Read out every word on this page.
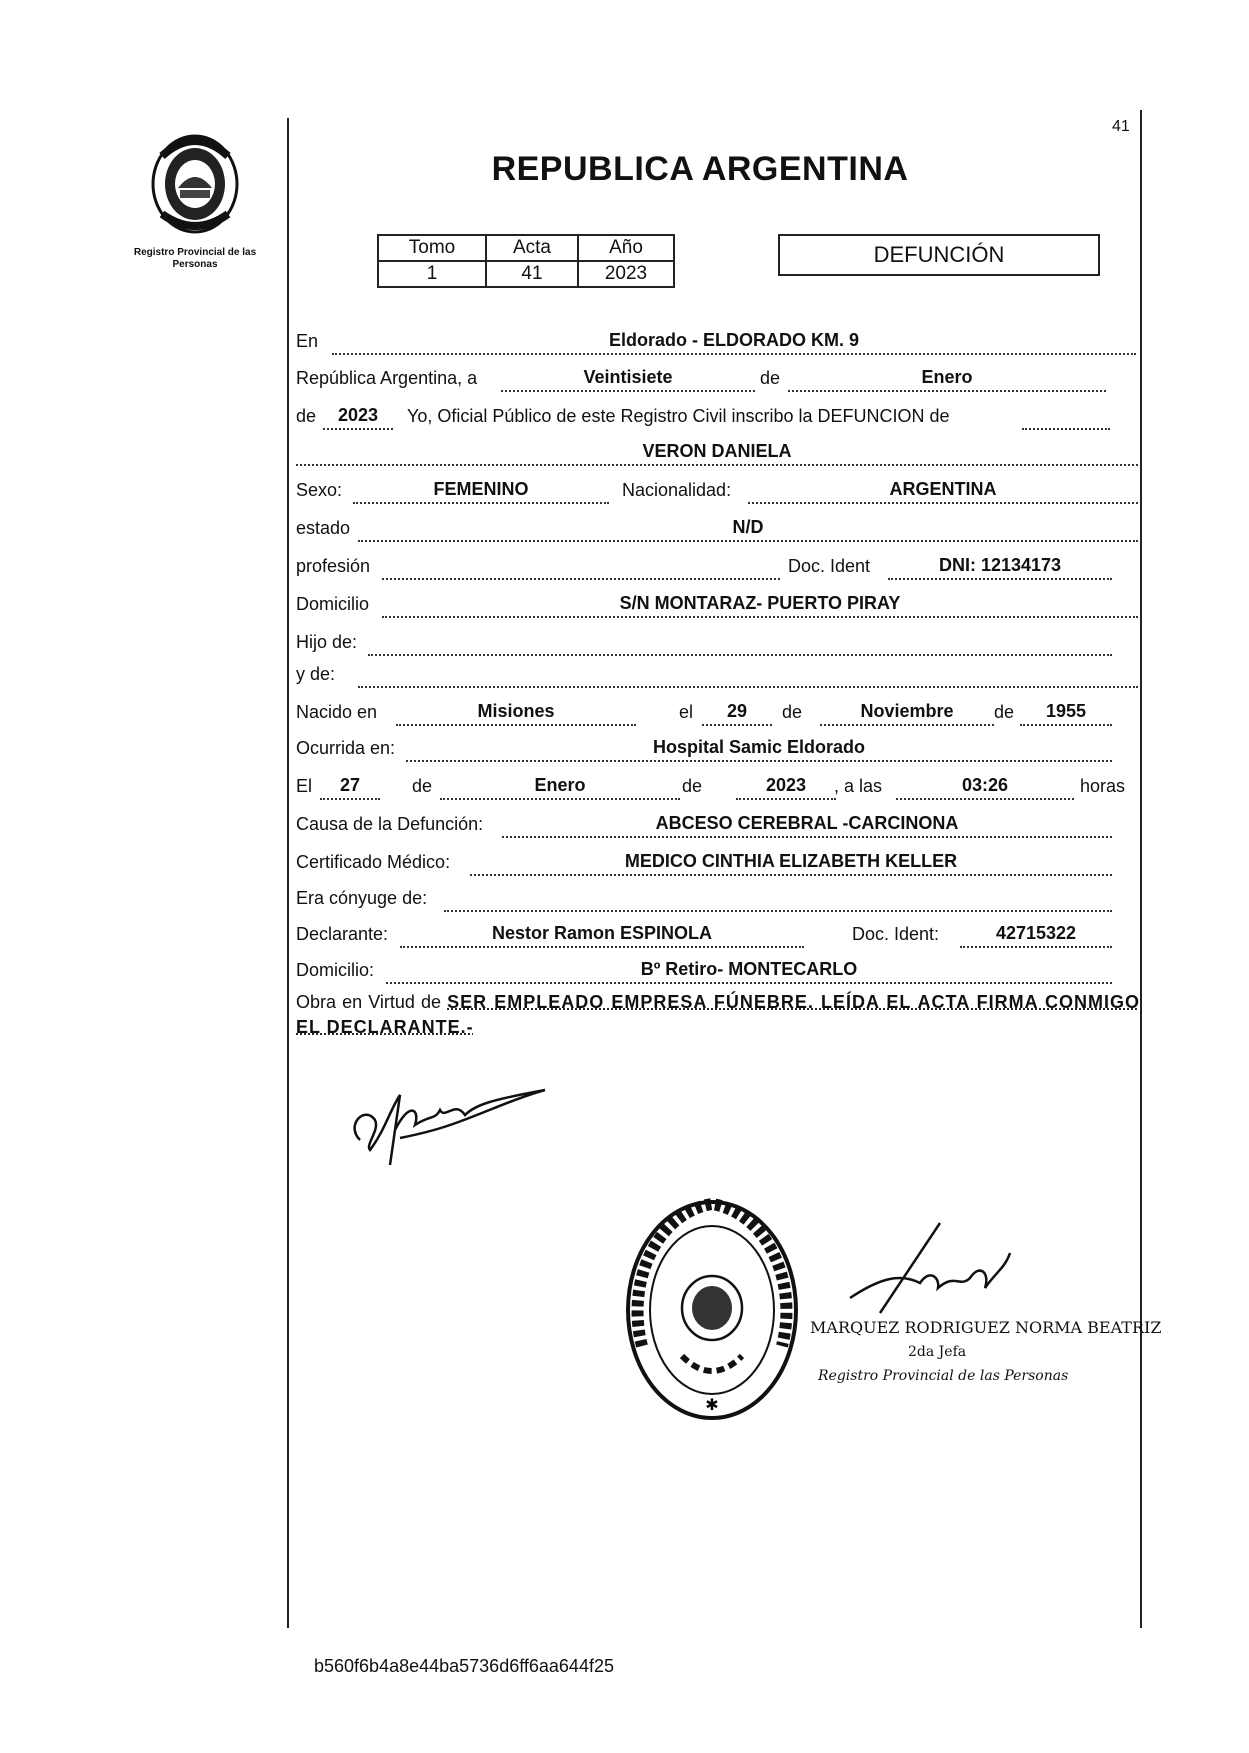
Registro Provincial de las Personas
41
REPUBLICA ARGENTINA
Tomo	Acta	Año
1	41	2023
DEFUNCIÓN
En	Eldorado - ELDORADO KM. 9
República Argentina, a	Veintisiete	de	Enero
de	2023	Yo, Oficial Público de este Registro Civil inscribo la DEFUNCION de
VERON DANIELA
Sexo:	FEMENINO	Nacionalidad:	ARGENTINA
estado	N/D
profesión	Doc. Ident	DNI: 12134173
Domicilio	S/N MONTARAZ- PUERTO PIRAY
Hijo de:
y de:
Nacido en	Misiones	el	29	de	Noviembre	de	1955
Ocurrida en:	Hospital Samic Eldorado
El	27	de	Enero	de	2023	, a las	03:26	horas
Causa de la Defunción:	ABCESO CEREBRAL -CARCINONA
Certificado Médico:	MEDICO CINTHIA ELIZABETH KELLER
Era cónyuge de:
Declarante:	Nestor Ramon ESPINOLA	Doc. Ident:	42715322
Domicilio:	Bº Retiro- MONTECARLO
Obra en Virtud de SER EMPLEADO EMPRESA FÚNEBRE. LEÍDA EL ACTA FIRMA CONMIGO EL DECLARANTE.-
✱
MARQUEZ RODRIGUEZ NORMA BEATRIZ
2da Jefa
Registro Provincial de las Personas
b560f6b4a8e44ba5736d6ff6aa644f25
